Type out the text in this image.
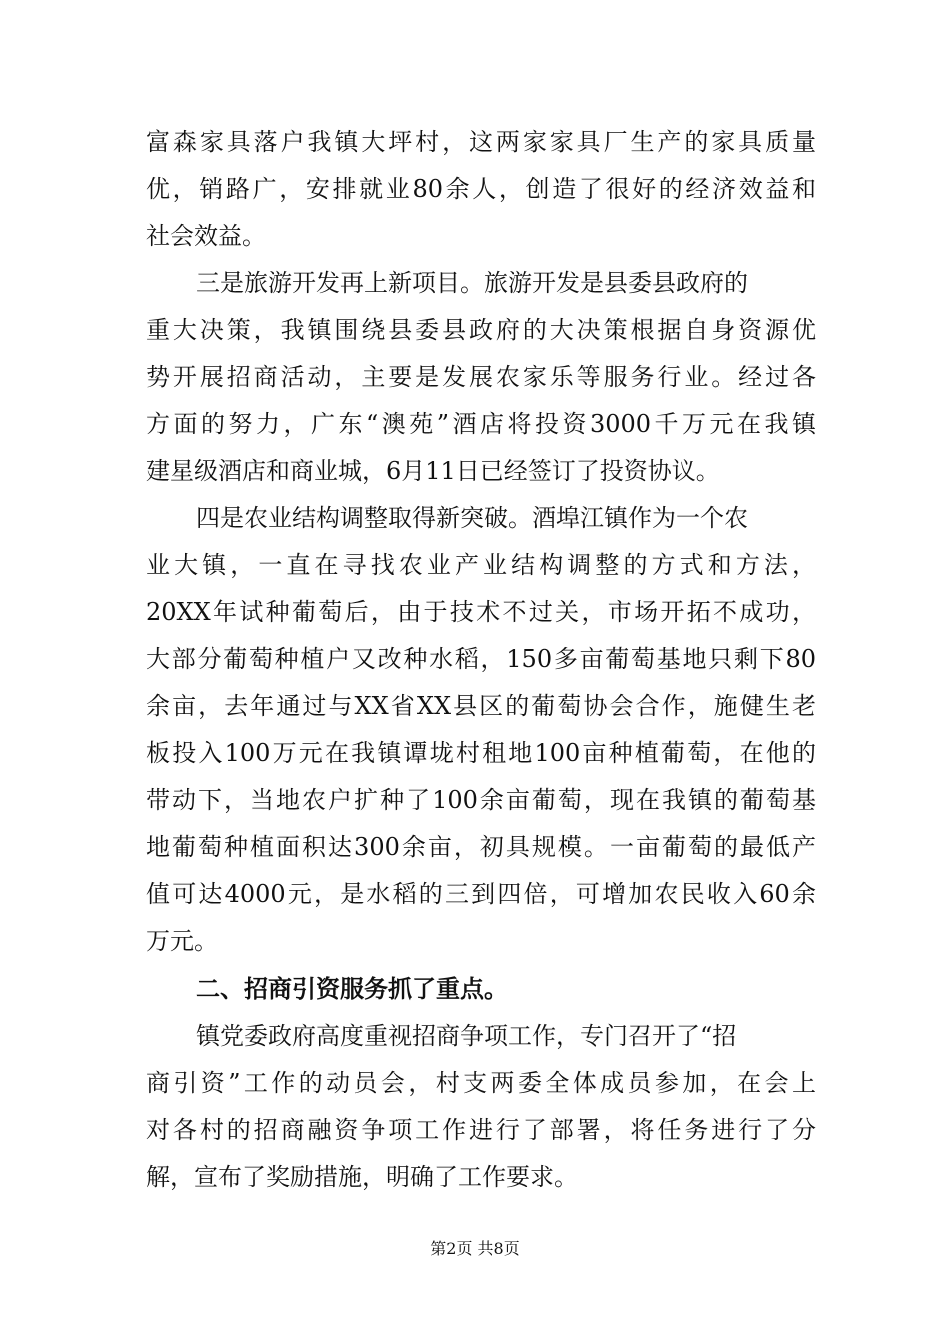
富森家具落户我镇大坪村，这两家家具厂生产的家具质量
优，销路广，安排就业80余人，创造了很好的经济效益和
社会效益。
三是旅游开发再上新项目。旅游开发是县委县政府的
重大决策，我镇围绕县委县政府的大决策根据自身资源优
势开展招商活动，主要是发展农家乐等服务行业。经过各
方面的努力，广东“澳苑”酒店将投资3000千万元在我镇
建星级酒店和商业城，6月11日已经签订了投资协议。
四是农业结构调整取得新突破。酒埠江镇作为一个农
业大镇，一直在寻找农业产业结构调整的方式和方法，
20XX年试种葡萄后，由于技术不过关，市场开拓不成功，
大部分葡萄种植户又改种水稻，150多亩葡萄基地只剩下80
余亩，去年通过与XX省XX县区的葡萄协会合作，施健生老
板投入100万元在我镇谭垅村租地100亩种植葡萄，在他的
带动下，当地农户扩种了100余亩葡萄，现在我镇的葡萄基
地葡萄种植面积达300余亩，初具规模。一亩葡萄的最低产
值可达4000元，是水稻的三到四倍，可增加农民收入60余
万元。
二、招商引资服务抓了重点。
镇党委政府高度重视招商争项工作，专门召开了“招
商引资”工作的动员会，村支两委全体成员参加，在会上
对各村的招商融资争项工作进行了部署，将任务进行了分
解，宣布了奖励措施，明确了工作要求。
第2页 共8页
